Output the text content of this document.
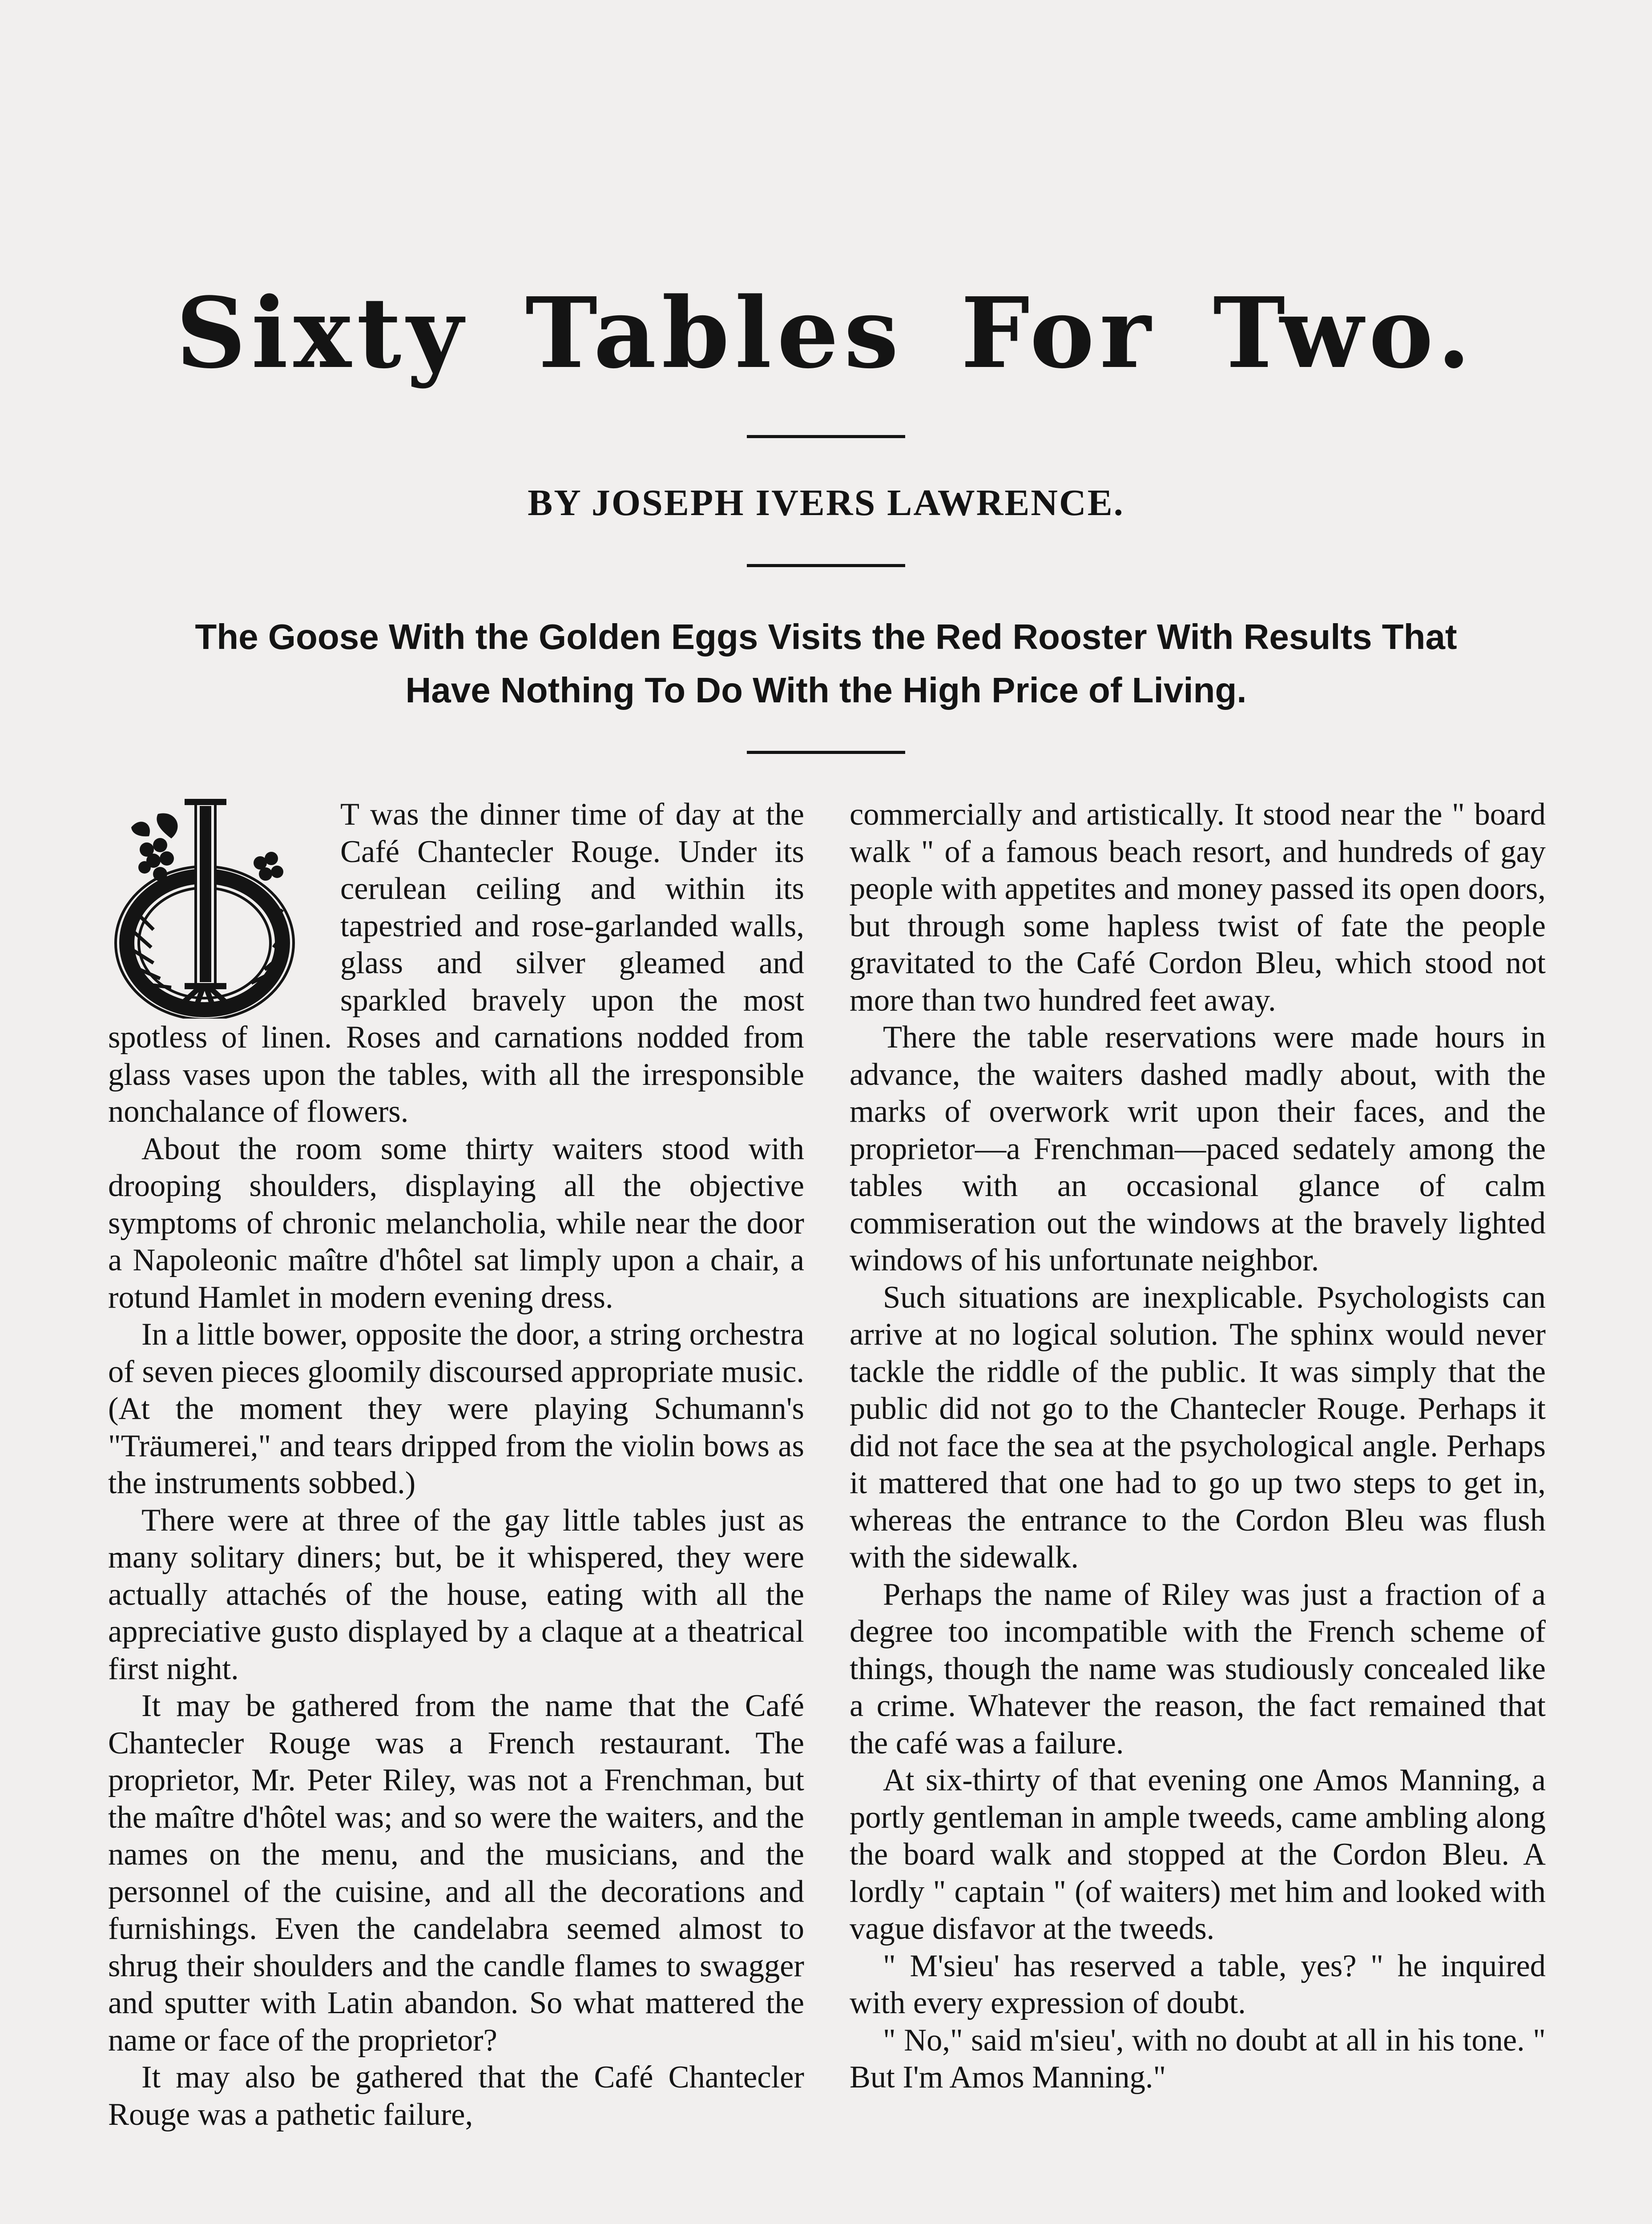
Sixty Tables For Two.
BY JOSEPH IVERS LAWRENCE.
The Goose With the Golden Eggs Visits the Red Rooster With Results That Have Nothing To Do With the High Price of Living.

T was the dinner time of day at the Café Chantecler Rouge. Under its cerulean ceiling and within its tapestried and rose-garlanded walls, glass and silver gleamed and sparkled bravely upon the most spotless of linen. Roses and carnations nodded from glass vases upon the tables, with all the irresponsible nonchalance of flowers.

About the room some thirty waiters stood with drooping shoulders, displaying all the objective symptoms of chronic melancholia, while near the door a Napoleonic maître d'hôtel sat limply upon a chair, a rotund Hamlet in modern evening dress.

In a little bower, opposite the door, a string orchestra of seven pieces gloomily discoursed appropriate music. (At the moment they were playing Schumann's "Träumerei," and tears dripped from the violin bows as the instruments sobbed.)

There were at three of the gay little tables just as many solitary diners; but, be it whispered, they were actually attachés of the house, eating with all the appreciative gusto displayed by a claque at a theatrical first night.

It may be gathered from the name that the Café Chantecler Rouge was a French restaurant. The proprietor, Mr. Peter Riley, was not a Frenchman, but the maître d'hôtel was; and so were the waiters, and the names on the menu, and the musicians, and the personnel of the cuisine, and all the decorations and furnishings. Even the candelabra seemed almost to shrug their shoulders and the candle flames to swagger and sputter with Latin abandon. So what mattered the name or face of the proprietor?

It may also be gathered that the Café Chantecler Rouge was a pathetic failure,

commercially and artistically. It stood near the " board walk " of a famous beach resort, and hundreds of gay people with appetites and money passed its open doors, but through some hapless twist of fate the people gravitated to the Café Cordon Bleu, which stood not more than two hundred feet away.

There the table reservations were made hours in advance, the waiters dashed madly about, with the marks of overwork writ upon their faces, and the proprietor—a Frenchman—paced sedately among the tables with an occasional glance of calm commiseration out the windows at the bravely lighted windows of his unfortunate neighbor.

Such situations are inexplicable. Psychologists can arrive at no logical solution. The sphinx would never tackle the riddle of the public. It was simply that the public did not go to the Chantecler Rouge. Perhaps it did not face the sea at the psychological angle. Perhaps it mattered that one had to go up two steps to get in, whereas the entrance to the Cordon Bleu was flush with the sidewalk.

Perhaps the name of Riley was just a fraction of a degree too incompatible with the French scheme of things, though the name was studiously concealed like a crime. Whatever the reason, the fact remained that the café was a failure.

At six-thirty of that evening one Amos Manning, a portly gentleman in ample tweeds, came ambling along the board walk and stopped at the Cordon Bleu. A lordly " captain " (of waiters) met him and looked with vague disfavor at the tweeds.

" M'sieu' has reserved a table, yes? " he inquired with every expression of doubt.

" No," said m'sieu', with no doubt at all in his tone. " But I'm Amos Manning."
